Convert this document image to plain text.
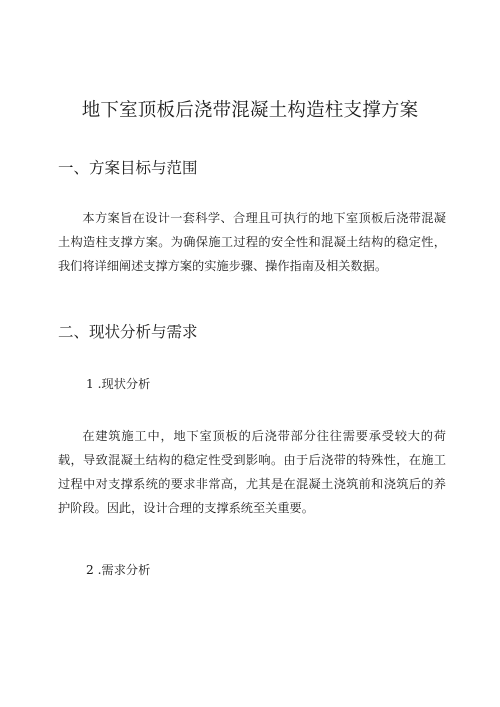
地下室顶板后浇带混凝土构造柱支撑方案
一、方案目标与范围

本方案旨在设计一套科学、合理且可执行的地下室顶板后浇带混凝土构造柱支撑方案。为确保施工过程的安全性和混凝土结构的稳定性，我们将详细阐述支撑方案的实施步骤、操作指南及相关数据。

二、现状分析与需求

1 .现状分析

在建筑施工中，地下室顶板的后浇带部分往往需要承受较大的荷载，导致混凝土结构的稳定性受到影响。由于后浇带的特殊性，在施工过程中对支撑系统的要求非常高，尤其是在混凝土浇筑前和浇筑后的养护阶段。因此，设计合理的支撑系统至关重要。

2 .需求分析
